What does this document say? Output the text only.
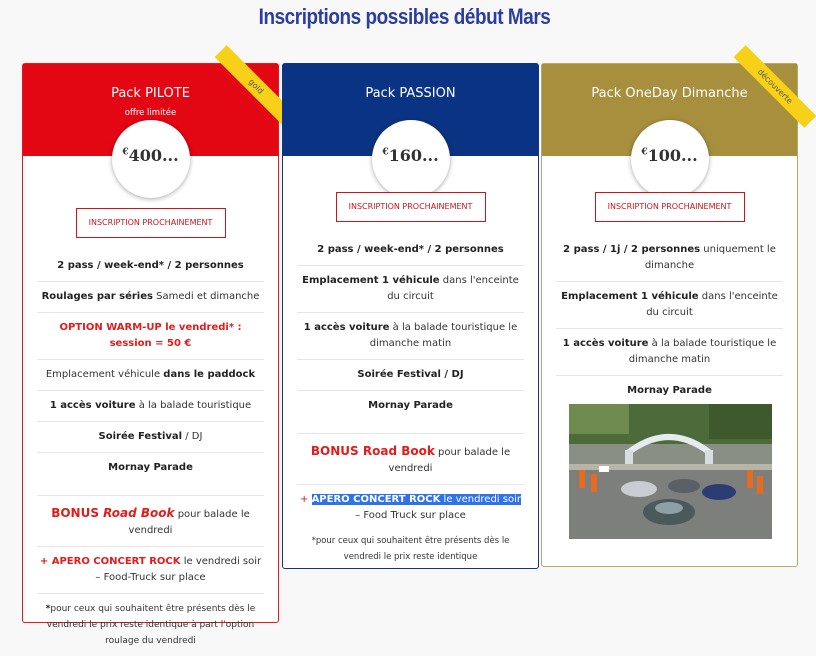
Inscriptions possibles début Mars
Pack PILOTE
offre limitée
gold
€400...
INSCRIPTION PROCHAINEMENT
2 pass / week-end* / 2 personnes
Roulages par séries Samedi et dimanche
OPTION WARM-UP le vendredi* : session = 50 €
Emplacement véhicule dans le paddock
1 accès voiture à la balade touristique
Soirée Festival / DJ
Mornay Parade
BONUS Road Book pour balade le vendredi
+ APERO CONCERT ROCK le vendredi soir – Food-Truck sur place
*pour ceux qui souhaitent être présents dès le vendredi le prix reste identique à part l'option roulage du vendredi
Pack PASSION
€160...
INSCRIPTION PROCHAINEMENT
2 pass / week-end* / 2 personnes
Emplacement 1 véhicule dans l'enceinte du circuit
1 accès voiture à la balade touristique le dimanche matin
Soirée Festival / DJ
Mornay Parade
BONUS Road Book pour balade le vendredi
+ APÉRO CONCERT ROCK le vendredi soir – Food Truck sur place
*pour ceux qui souhaitent être présents dès le vendredi le prix reste identique
Pack OneDay Dimanche	découverte
€100...
INSCRIPTION PROCHAINEMENT
2 pass / 1j / 2 personnes uniquement le dimanche
Emplacement 1 véhicule dans l'enceinte du circuit
1 accès voiture à la balade touristique le dimanche matin
Mornay Parade
